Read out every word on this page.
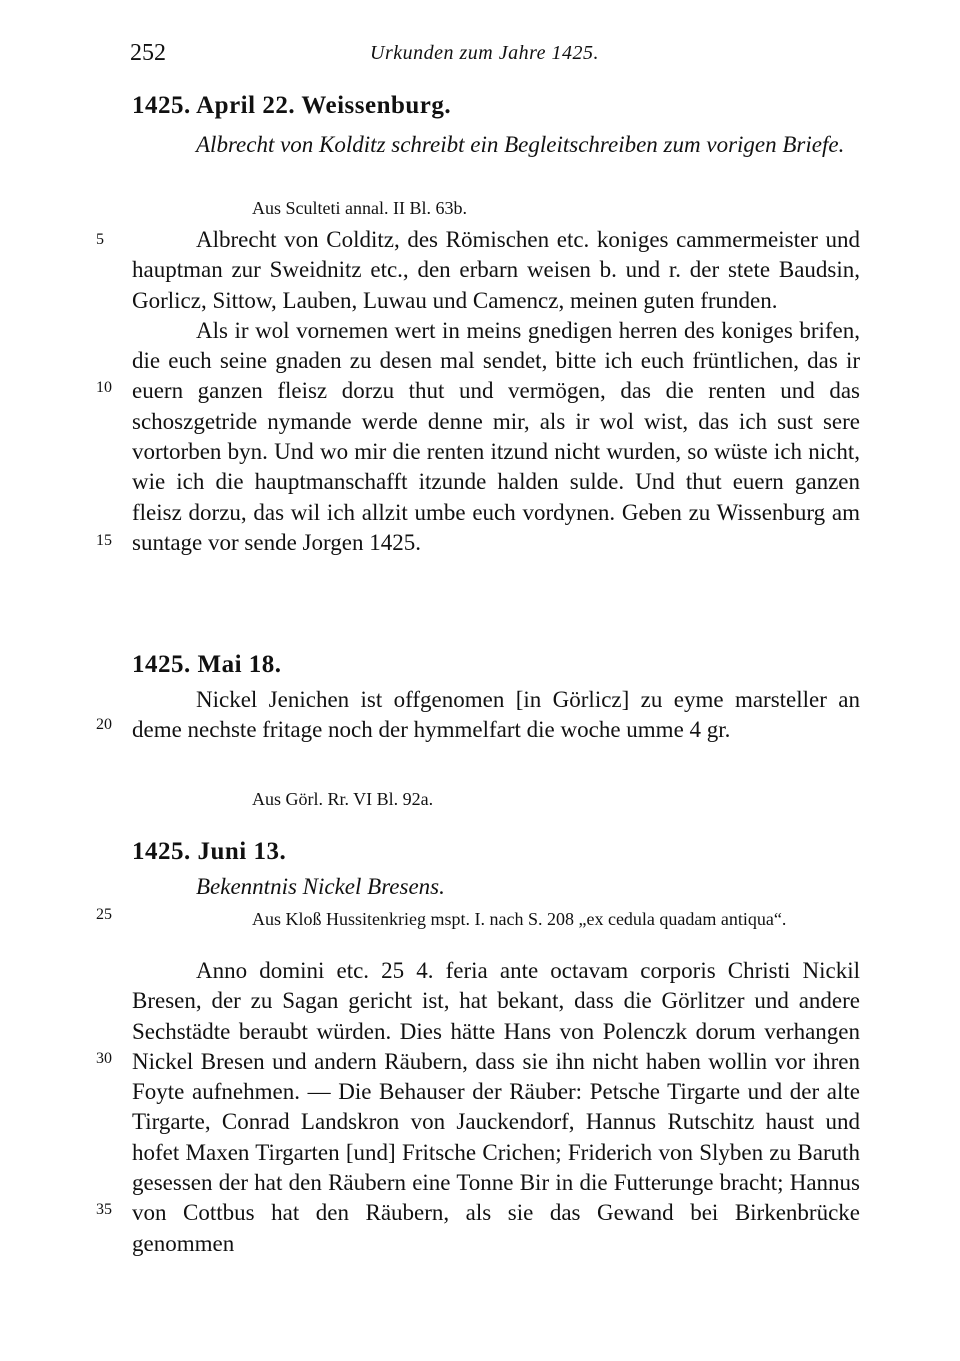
252	Urkunden zum Jahre 1425.
1425. April 22. Weissenburg.
Albrecht von Kolditz schreibt ein Begleitschreiben zum vorigen Briefe.
Aus Sculteti annal. II Bl. 63b.

Albrecht von Colditz, des Römischen etc. koniges cammermeister und hauptman zur Sweidnitz etc., den erbarn weisen b. und r. der stete Baudsin, Gorlicz, Sittow, Lauben, Luwau und Camencz, meinen guten frunden.

Als ir wol vornemen wert in meins gnedigen herren des koniges brifen, die euch seine gnaden zu desen mal sendet, bitte ich euch früntlichen, das ir euern ganzen fleisz dorzu thut und vermögen, das die renten und das schoszgetride nymande werde denne mir, als ir wol wist, das ich sust sere vortorben byn. Und wo mir die renten itzund nicht wurden, so wüste ich nicht, wie ich die hauptmanschafft itzunde halden sulde. Und thut euern ganzen fleisz dorzu, das wil ich allzit umbe euch vordynen. Geben zu Wissenburg am suntage vor sende Jorgen 1425.

1425. Mai 18.

Nickel Jenichen ist offgenomen [in Görlicz] zu eyme marsteller an deme nechste fritage noch der hymmelfart die woche umme 4 gr.

Aus Görl. Rr. VI Bl. 92a.
1425. Juni 13.
Bekenntnis Nickel Bresens.
Aus Kloß Hussitenkrieg mspt. I. nach S. 208 „ex cedula quadam antiqua“.

Anno domini etc. 25 4. feria ante octavam corporis Christi Nickil Bresen, der zu Sagan gericht ist, hat bekant, dass die Görlitzer und andere Sechstädte beraubt würden. Dies hätte Hans von Polenczk dorum verhangen Nickel Bresen und andern Räubern, dass sie ihn nicht haben wollin vor ihren Foyte aufnehmen. — Die Behauser der Räuber: Petsche Tirgarte und der alte Tirgarte, Conrad Landskron von Jauckendorf, Hannus Rutschitz haust und hofet Maxen Tirgarten [und] Fritsche Crichen; Friderich von Slyben zu Baruth gesessen der hat den Räubern eine Tonne Bir in die Futterunge bracht; Hannus von Cottbus hat den Räubern, als sie das Gewand bei Birkenbrücke genommen

5
10
15
20
25
30
35
